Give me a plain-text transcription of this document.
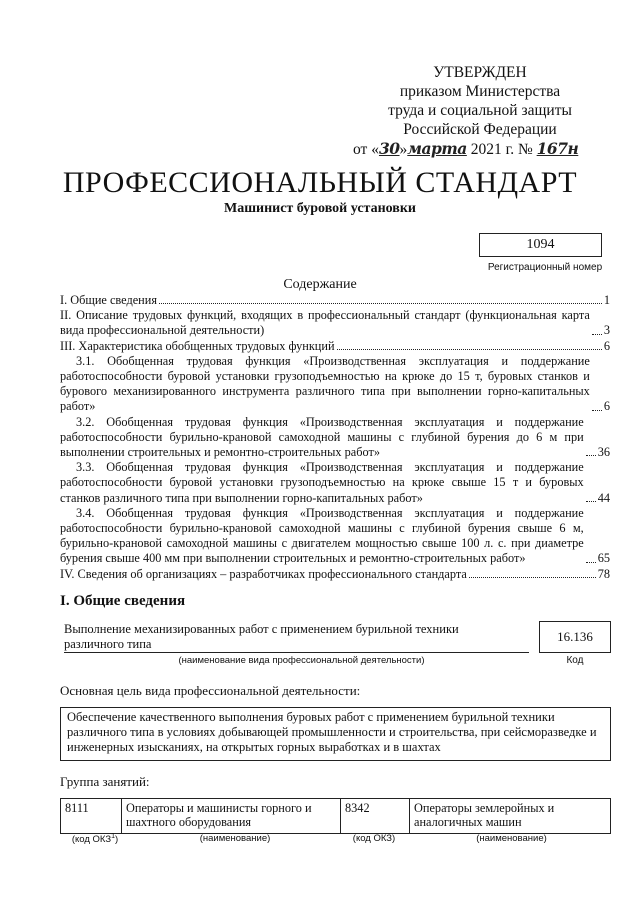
УТВЕРЖДЕН
приказом Министерства
труда и социальной защиты
Российской Федерации
от «30»марта 2021 г. № 167н
ПРОФЕССИОНАЛЬНЫЙ СТАНДАРТ
Машинист буровой установки
1094
Регистрационный номер
Содержание
I. Общие сведения	1
II. Описание трудовых функций, входящих в профессиональный стандарт (функциональная карта вида профессиональной деятельности)	3
III. Характеристика обобщенных трудовых функций	6
3.1. Обобщенная трудовая функция «Производственная эксплуатация и поддержание работоспособности буровой установки грузоподъемностью на крюке до 15 т, буровых станков и бурового механизированного инструмента различного типа при выполнении горно-капитальных работ»	6
3.2. Обобщенная трудовая функция «Производственная эксплуатация и поддержание работоспособности бурильно-крановой самоходной машины с глубиной бурения до 6 м при выполнении строительных и ремонтно-строительных работ»	36
3.3. Обобщенная трудовая функция «Производственная эксплуатация и поддержание работоспособности буровой установки грузоподъемностью на крюке свыше 15 т и буровых станков различного типа при выполнении горно-капитальных работ»	44
3.4. Обобщенная трудовая функция «Производственная эксплуатация и поддержание работоспособности бурильно-крановой самоходной машины с глубиной бурения свыше 6 м, бурильно-крановой самоходной машины с двигателем мощностью свыше 100 л. с. при диаметре бурения свыше 400 мм при выполнении строительных и ремонтно-строительных работ»	65
IV. Сведения об организациях – разработчиках профессионального стандарта	78
I. Общие сведения
Выполнение механизированных работ с применением бурильной техники различного типа
(наименование вида профессиональной деятельности)
16.136
Код
Основная цель вида профессиональной деятельности:
Обеспечение качественного выполнения буровых работ с применением бурильной техники различного типа в условиях добывающей промышленности и строительства, при сейсморазведке и инженерных изысканиях, на открытых горных выработках и в шахтах
Группа занятий:
8111	Операторы и машинисты горного и шахтного оборудования	8342	Операторы землеройных и аналогичных машин
(код ОКЗ$^1$)	(наименование)	(код ОКЗ)	(наименование)
